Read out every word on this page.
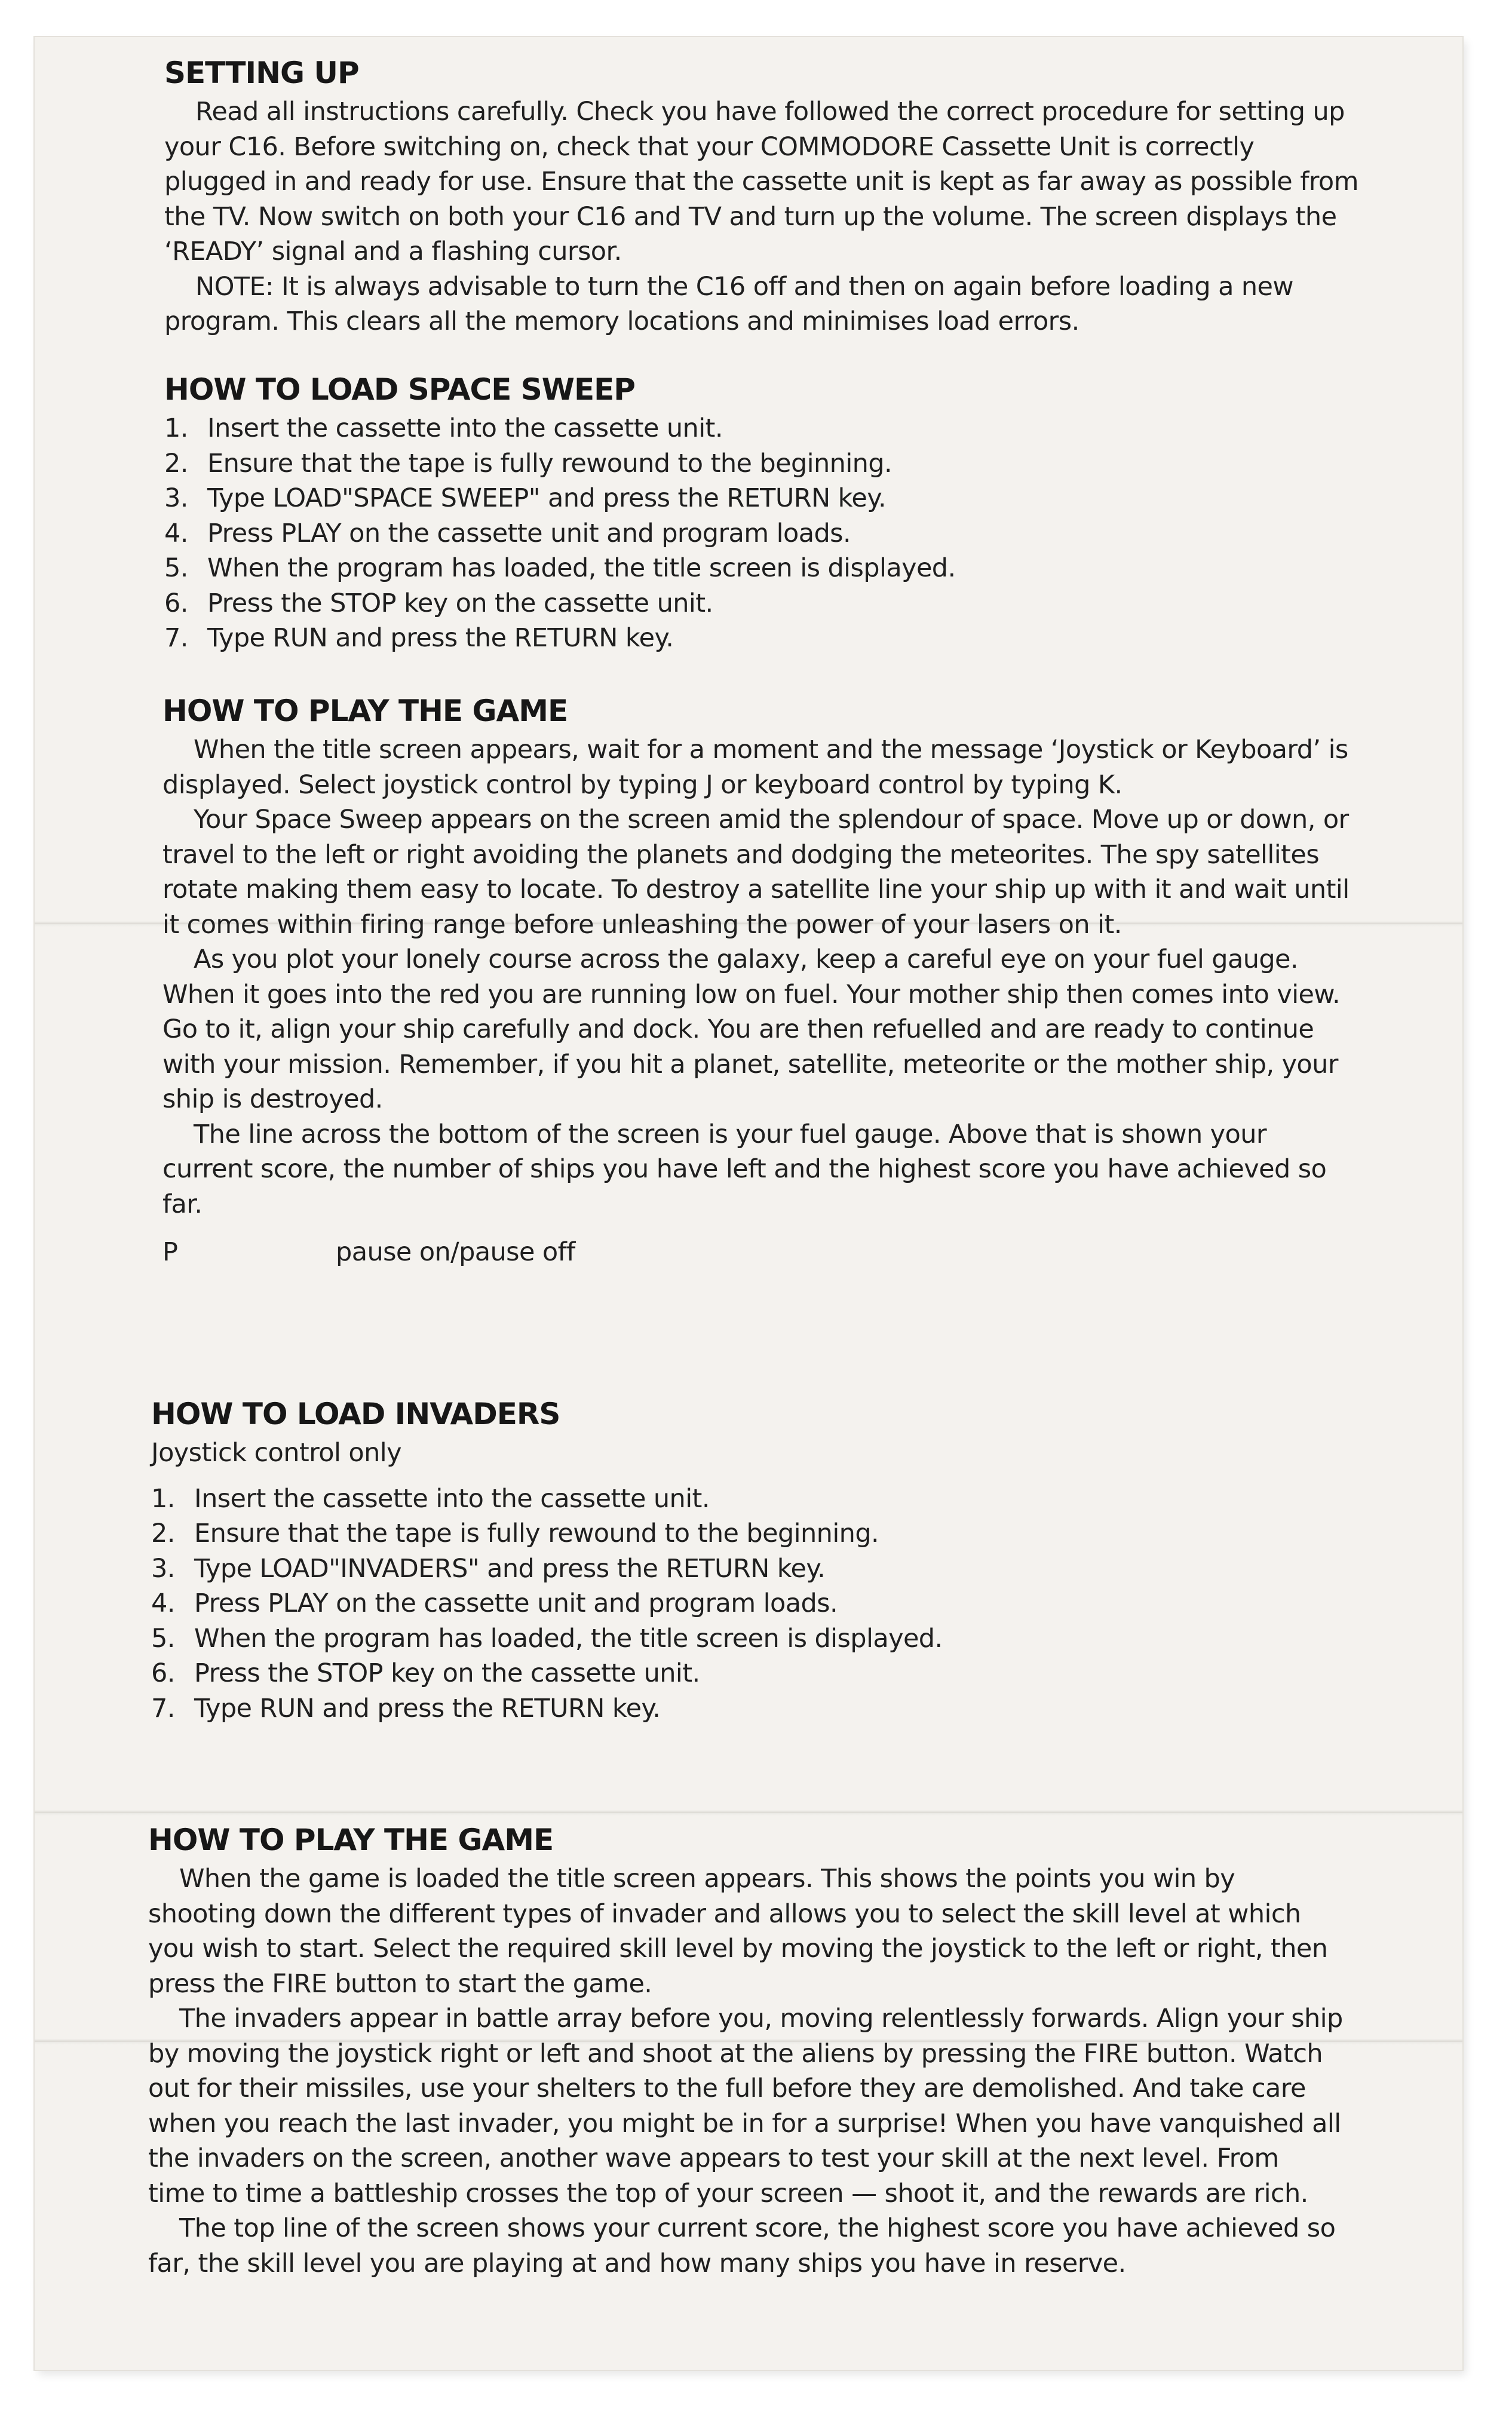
SETTING UP

Read all instructions carefully. Check you have followed the correct procedure for setting up your C16. Before switching on, check that your COMMODORE Cassette Unit is correctly plugged in and ready for use. Ensure that the cassette unit is kept as far away as possible from the TV. Now switch on both your C16 and TV and turn up the volume. The screen displays the ‘READY’ signal and a flashing cursor.

NOTE: It is always advisable to turn the C16 off and then on again before loading a new program. This clears all the memory locations and minimises load errors.

HOW TO LOAD SPACE SWEEP
1. Insert the cassette into the cassette unit.
2. Ensure that the tape is fully rewound to the beginning.
3. Type LOAD"SPACE SWEEP" and press the RETURN key.
4. Press PLAY on the cassette unit and program loads.
5. When the program has loaded, the title screen is displayed.
6. Press the STOP key on the cassette unit.
7. Type RUN and press the RETURN key.
HOW TO PLAY THE GAME

When the title screen appears, wait for a moment and the message ‘Joystick or Keyboard’ is displayed. Select joystick control by typing J or keyboard control by typing K.

Your Space Sweep appears on the screen amid the splendour of space. Move up or down, or travel to the left or right avoiding the planets and dodging the meteorites. The spy satellites rotate making them easy to locate. To destroy a satellite line your ship up with it and wait until it comes within firing range before unleashing the power of your lasers on it.

As you plot your lonely course across the galaxy, keep a careful eye on your fuel gauge. When it goes into the red you are running low on fuel. Your mother ship then comes into view. Go to it, align your ship carefully and dock. You are then refuelled and are ready to continue with your mission. Remember, if you hit a planet, satellite, meteorite or the mother ship, your ship is destroyed.

The line across the bottom of the screen is your fuel gauge. Above that is shown your current score, the number of ships you have left and the highest score you have achieved so far.

P	pause on/pause off
HOW TO LOAD INVADERS

Joystick control only

1. Insert the cassette into the cassette unit.
2. Ensure that the tape is fully rewound to the beginning.
3. Type LOAD"INVADERS" and press the RETURN key.
4. Press PLAY on the cassette unit and program loads.
5. When the program has loaded, the title screen is displayed.
6. Press the STOP key on the cassette unit.
7. Type RUN and press the RETURN key.
HOW TO PLAY THE GAME

When the game is loaded the title screen appears. This shows the points you win by shooting down the different types of invader and allows you to select the skill level at which you wish to start. Select the required skill level by moving the joystick to the left or right, then press the FIRE button to start the game.

The invaders appear in battle array before you, moving relentlessly forwards. Align your ship by moving the joystick right or left and shoot at the aliens by pressing the FIRE button. Watch out for their missiles, use your shelters to the full before they are demolished. And take care when you reach the last invader, you might be in for a surprise! When you have vanquished all the invaders on the screen, another wave appears to test your skill at the next level. From time to time a battleship crosses the top of your screen — shoot it, and the rewards are rich.

The top line of the screen shows your current score, the highest score you have achieved so far, the skill level you are playing at and how many ships you have in reserve.
